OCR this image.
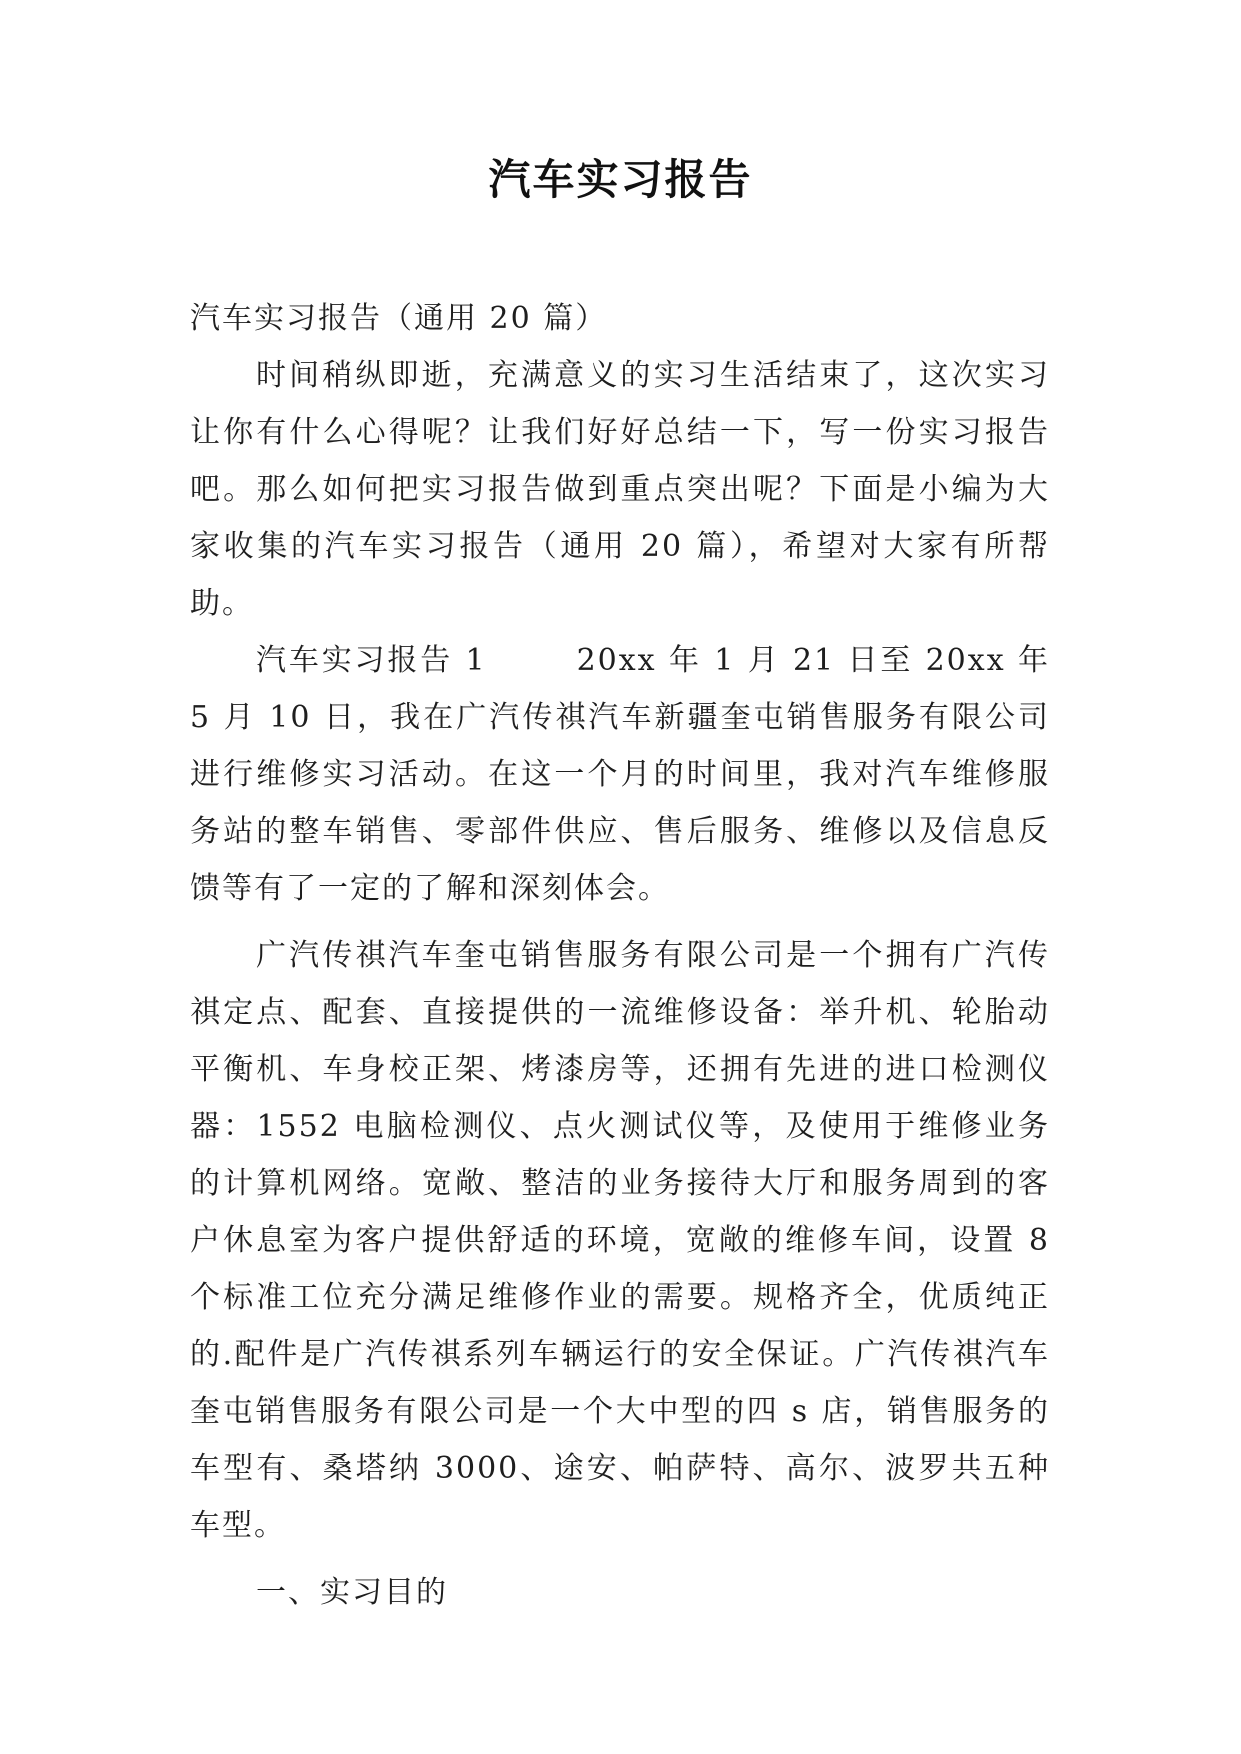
汽车实习报告

汽车实习报告（通用 20 篇）

时间稍纵即逝，充满意义的实习生活结束了，这次实习让你有什么心得呢？让我们好好总结一下，写一份实习报告吧。那么如何把实习报告做到重点突出呢？下面是小编为大家收集的汽车实习报告（通用 20 篇），希望对大家有所帮助。

汽车实习报告 1	20xx 年 1 月 21 日至 20xx 年 5 月 10 日，我在广汽传祺汽车新疆奎屯销售服务有限公司进行维修实习活动。在这一个月的时间里，我对汽车维修服务站的整车销售、零部件供应、售后服务、维修以及信息反馈等有了一定的了解和深刻体会。

广汽传祺汽车奎屯销售服务有限公司是一个拥有广汽传祺定点、配套、直接提供的一流维修设备：举升机、轮胎动平衡机、车身校正架、烤漆房等，还拥有先进的进口检测仪器：1552 电脑检测仪、点火测试仪等，及使用于维修业务的计算机网络。宽敞、整洁的业务接待大厅和服务周到的客户休息室为客户提供舒适的环境，宽敞的维修车间，设置 8 个标准工位充分满足维修作业的需要。规格齐全，优质纯正的.配件是广汽传祺系列车辆运行的安全保证。广汽传祺汽车奎屯销售服务有限公司是一个大中型的四 s 店，销售服务的车型有、桑塔纳 3000、途安、帕萨特、高尔、波罗共五种车型。

一、实习目的
